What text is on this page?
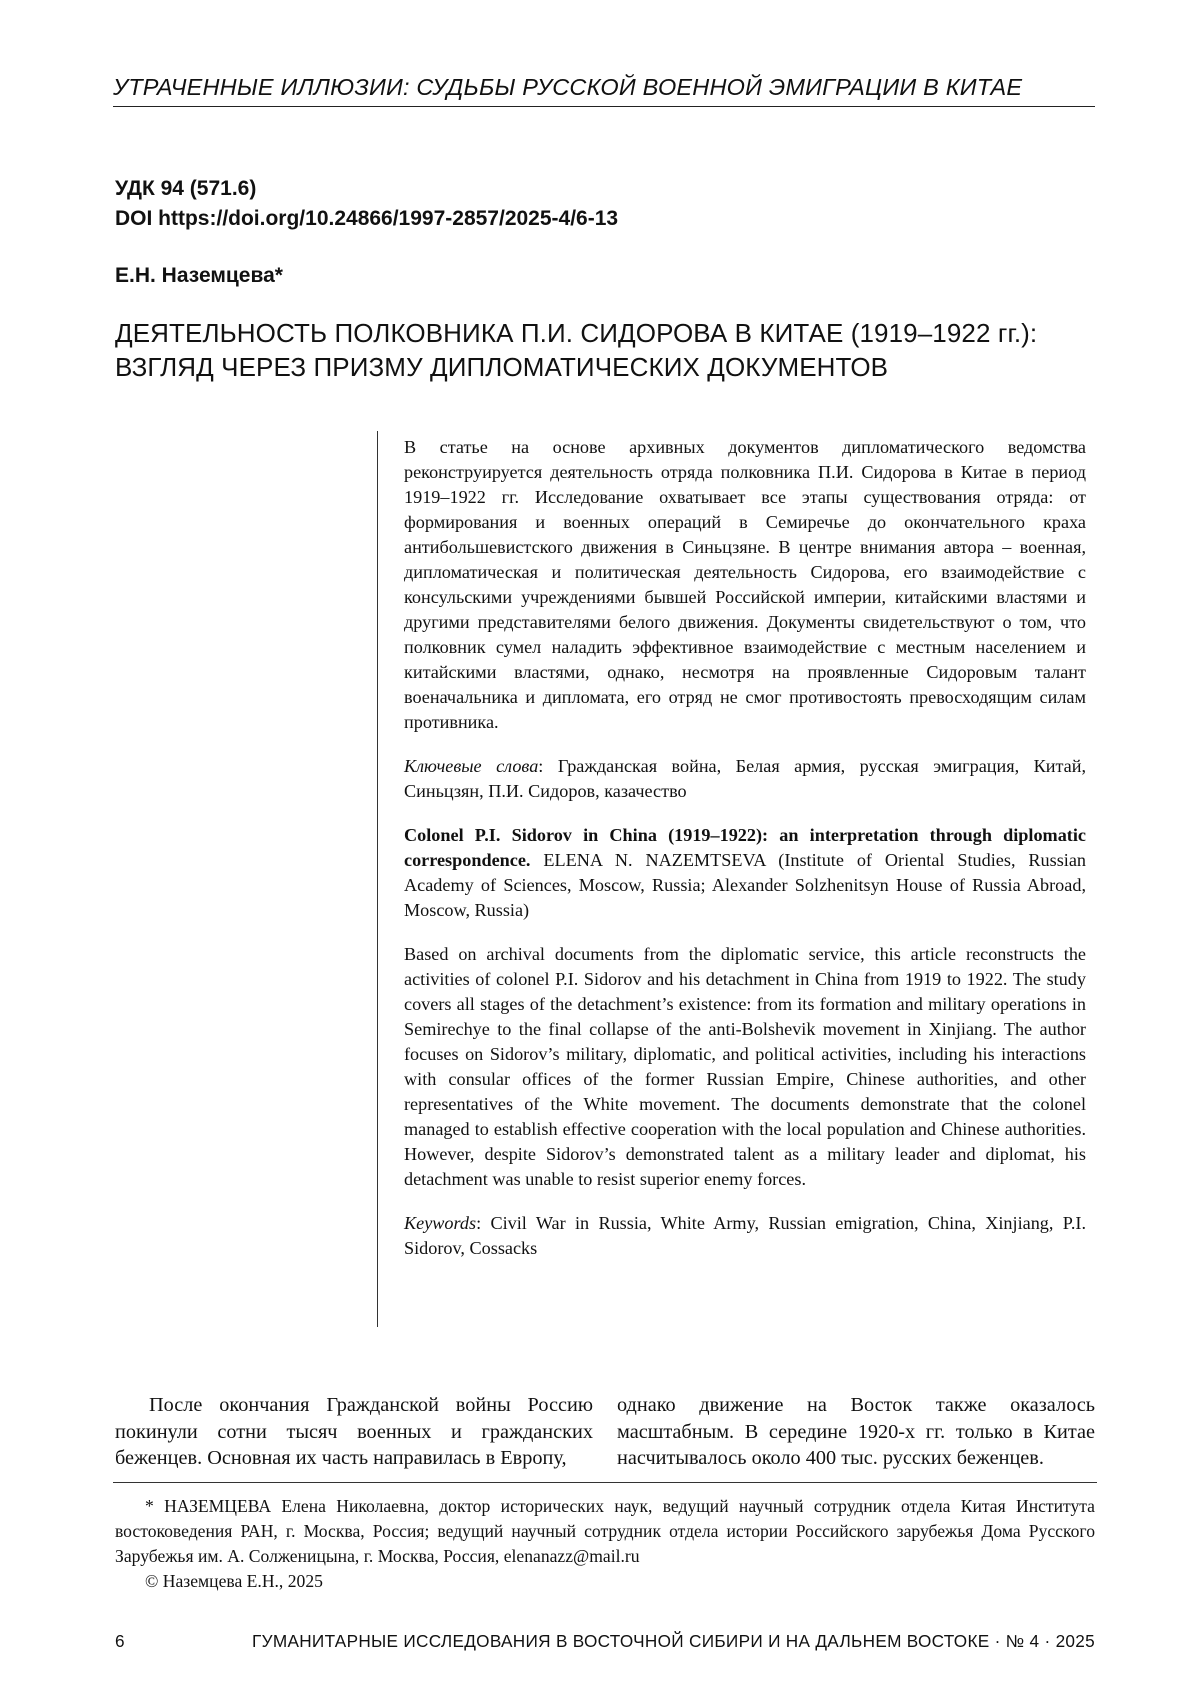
УТРАЧЕННЫЕ ИЛЛЮЗИИ: СУДЬБЫ РУССКОЙ ВОЕННОЙ ЭМИГРАЦИИ В КИТАЕ
УДК 94 (571.6)
DOI https://doi.org/10.24866/1997-2857/2025-4/6-13
Е.Н. Наземцева*
ДЕЯТЕЛЬНОСТЬ ПОЛКОВНИКА П.И. СИДОРОВА В КИТАЕ (1919–1922 гг.):
ВЗГЛЯД ЧЕРЕЗ ПРИЗМУ ДИПЛОМАТИЧЕСКИХ ДОКУМЕНТОВ

В статье на основе архивных документов дипломатического ведомства реконструируется деятельность отряда полковника П.И. Сидорова в Китае в период 1919–1922 гг. Исследование охватывает все этапы существования отряда: от формирования и военных операций в Семиречье до окончательного краха антибольшевистского движения в Синьцзяне. В центре внимания автора – военная, дипломатическая и политическая деятельность Сидорова, его взаимодействие с консульскими учреждениями бывшей Российской империи, китайскими властями и другими представителями белого движения. Документы свидетельствуют о том, что полковник сумел наладить эффективное взаимодействие с местным населением и китайскими властями, однако, несмотря на проявленные Сидоровым талант военачальника и дипломата, его отряд не смог противостоять превосходящим силам противника.

Ключевые слова: Гражданская война, Белая армия, русская эмиграция, Китай, Синьцзян, П.И. Сидоров, казачество

Colonel P.I. Sidorov in China (1919–1922): an interpretation through diplomatic correspondence. ELENA N. NAZEMTSEVA (Institute of Oriental Studies, Russian Academy of Sciences, Moscow, Russia; Alexander Solzhenitsyn House of Russia Abroad, Moscow, Russia)

Based on archival documents from the diplomatic service, this article reconstructs the activities of colonel P.I. Sidorov and his detachment in China from 1919 to 1922. The study covers all stages of the detachment’s existence: from its formation and military operations in Semirechye to the final collapse of the anti-Bolshevik movement in Xinjiang. The author focuses on Sidorov’s military, diplomatic, and political activities, including his interactions with consular offices of the former Russian Empire, Chinese authorities, and other representatives of the White movement. The documents demonstrate that the colonel managed to establish effective cooperation with the local population and Chinese authorities. However, despite Sidorov’s demonstrated talent as a military leader and diplomat, his detachment was unable to resist superior enemy forces.

Keywords: Civil War in Russia, White Army, Russian emigration, China, Xinjiang, P.I. Sidorov, Cossacks

После окончания Гражданской войны Россию покинули сотни тысяч военных и гражданских беженцев. Основная их часть направилась в Европу,

однако движение на Восток также оказалось масштабным. В середине 1920-х гг. только в Китае насчитывалось около 400 тыс. русских беженцев.

* НАЗЕМЦЕВА Елена Николаевна, доктор исторических наук, ведущий научный сотрудник отдела Китая Института востоковедения РАН, г. Москва, Россия; ведущий научный сотрудник отдела истории Российского зарубежья Дома Русского Зарубежья им. А. Солженицына, г. Москва, Россия, elenanazz@mail.ru

© Наземцева Е.Н., 2025

6	ГУМАНИТАРНЫЕ ИССЛЕДОВАНИЯ В ВОСТОЧНОЙ СИБИРИ И НА ДАЛЬНЕМ ВОСТОКЕ · № 4 · 2025
